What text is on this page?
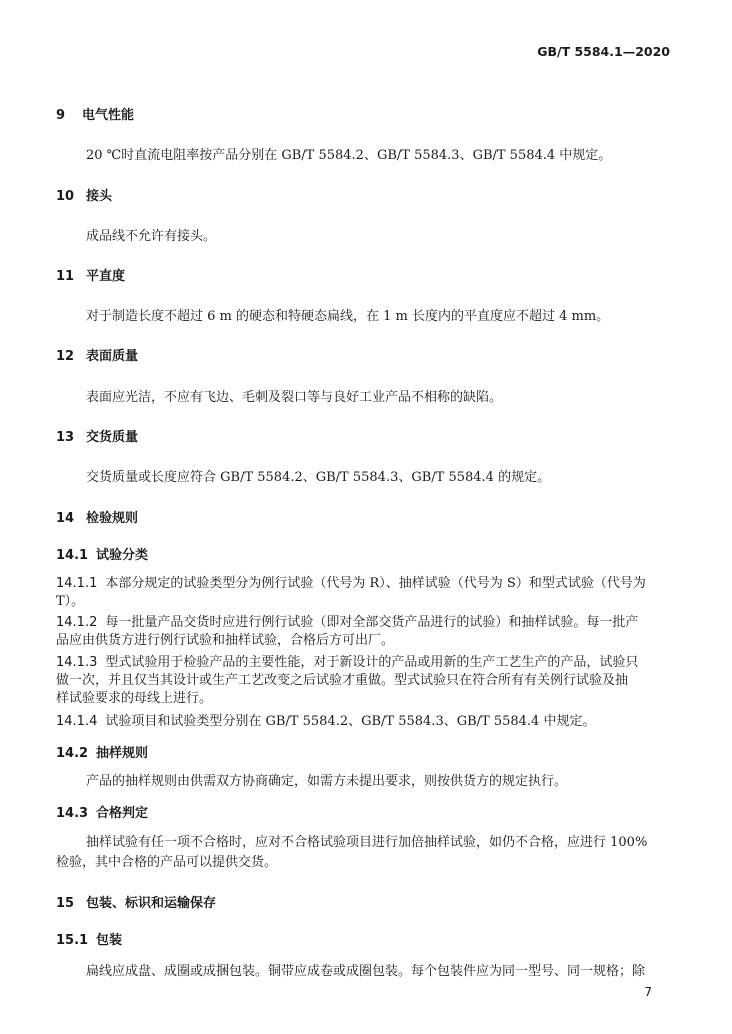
GB/T 5584.1—2020
9 电气性能
20 ℃时直流电阻率按产品分别在 GB/T 5584.2、GB/T 5584.3、GB/T 5584.4 中规定。
10 接头
成品线不允许有接头。
11 平直度
对于制造长度不超过 6 m 的硬态和特硬态扁线，在 1 m 长度内的平直度应不超过 4 mm。
12 表面质量
表面应光洁，不应有飞边、毛刺及裂口等与良好工业产品不相称的缺陷。
13 交货质量
交货质量或长度应符合 GB/T 5584.2、GB/T 5584.3、GB/T 5584.4 的规定。
14 检验规则
14.1 试验分类
14.1.1 本部分规定的试验类型分为例行试验（代号为 R）、抽样试验（代号为 S）和型式试验（代号为
T）。
14.1.2 每一批量产品交货时应进行例行试验（即对全部交货产品进行的试验）和抽样试验。每一批产
品应由供货方进行例行试验和抽样试验，合格后方可出厂。
14.1.3 型式试验用于检验产品的主要性能，对于新设计的产品或用新的生产工艺生产的产品，试验只
做一次，并且仅当其设计或生产工艺改变之后试验才重做。型式试验只在符合所有有关例行试验及抽
样试验要求的母线上进行。
14.1.4 试验项目和试验类型分别在 GB/T 5584.2、GB/T 5584.3、GB/T 5584.4 中规定。
14.2 抽样规则
产品的抽样规则由供需双方协商确定，如需方未提出要求，则按供货方的规定执行。
14.3 合格判定
抽样试验有任一项不合格时，应对不合格试验项目进行加倍抽样试验，如仍不合格，应进行 100%
检验，其中合格的产品可以提供交货。
15 包装、标识和运输保存
15.1 包装
扁线应成盘、成圈或成捆包装。铜带应成卷或成圈包装。每个包装件应为同一型号、同一规格；除
7
